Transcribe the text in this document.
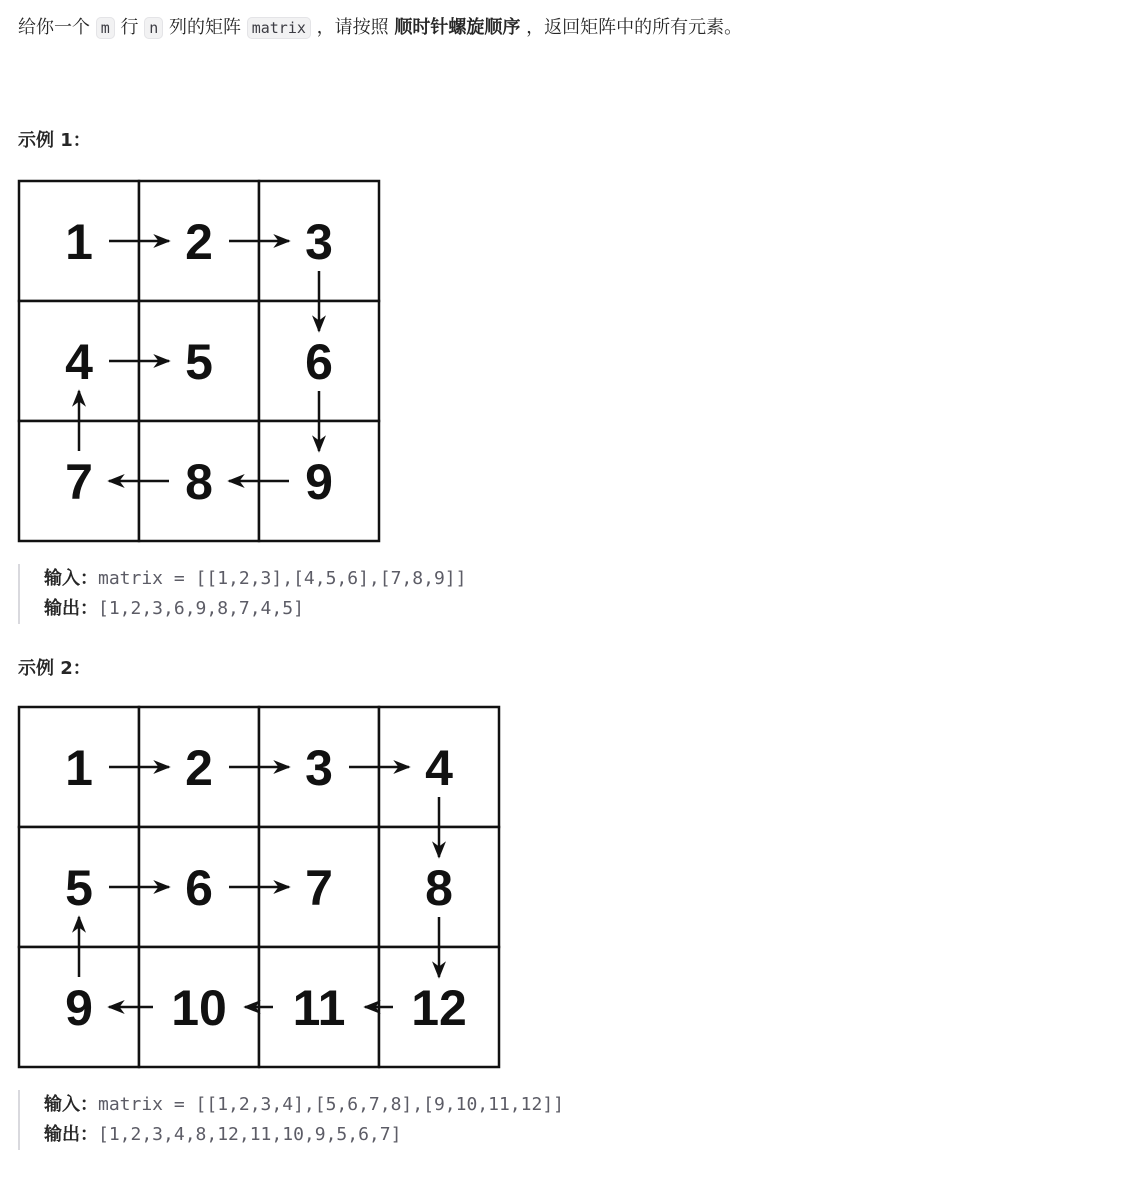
给你一个 m 行 n 列的矩阵 matrix ，请按照 顺时针螺旋顺序 ，返回矩阵中的所有元素。
示例 1：
1 2 3
4 5 6
7 8 9
输入：matrix = [[1,2,3],[4,5,6],[7,8,9]]
输出：[1,2,3,6,9,8,7,4,5]
示例 2：
1 2 3 4
5 6 7 8
9 10 11 12
输入：matrix = [[1,2,3,4],[5,6,7,8],[9,10,11,12]]
输出：[1,2,3,4,8,12,11,10,9,5,6,7]
